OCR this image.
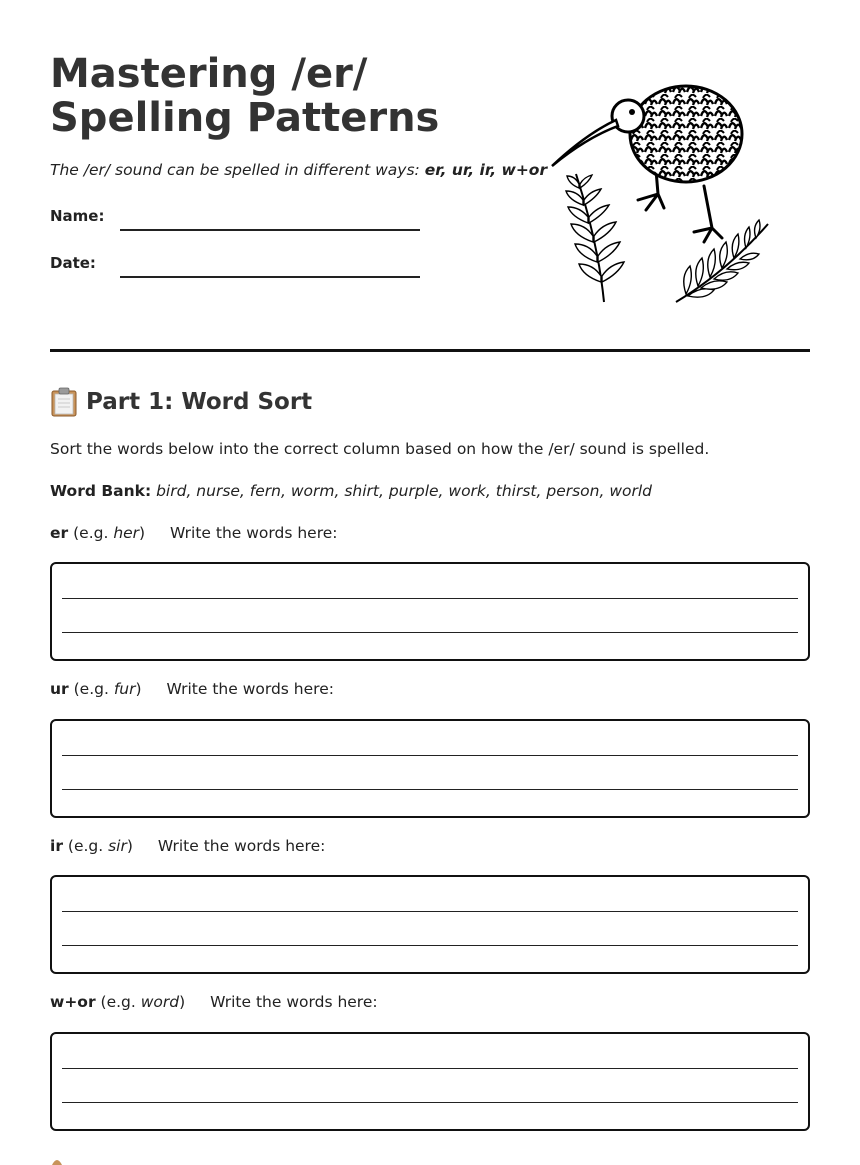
Mastering /er/ Spelling Patterns
The /er/ sound can be spelled in different ways: er, ur, ir, w+or
Name:
Date:
Part 1: Word Sort
Sort the words below into the correct column based on how the /er/ sound is spelled.
Word Bank: bird, nurse, fern, worm, shirt, purple, work, thirst, person, world
er (e.g. her) Write the words here:
ur (e.g. fur) Write the words here:
ir (e.g. sir) Write the words here:
w+or (e.g. word) Write the words here:
